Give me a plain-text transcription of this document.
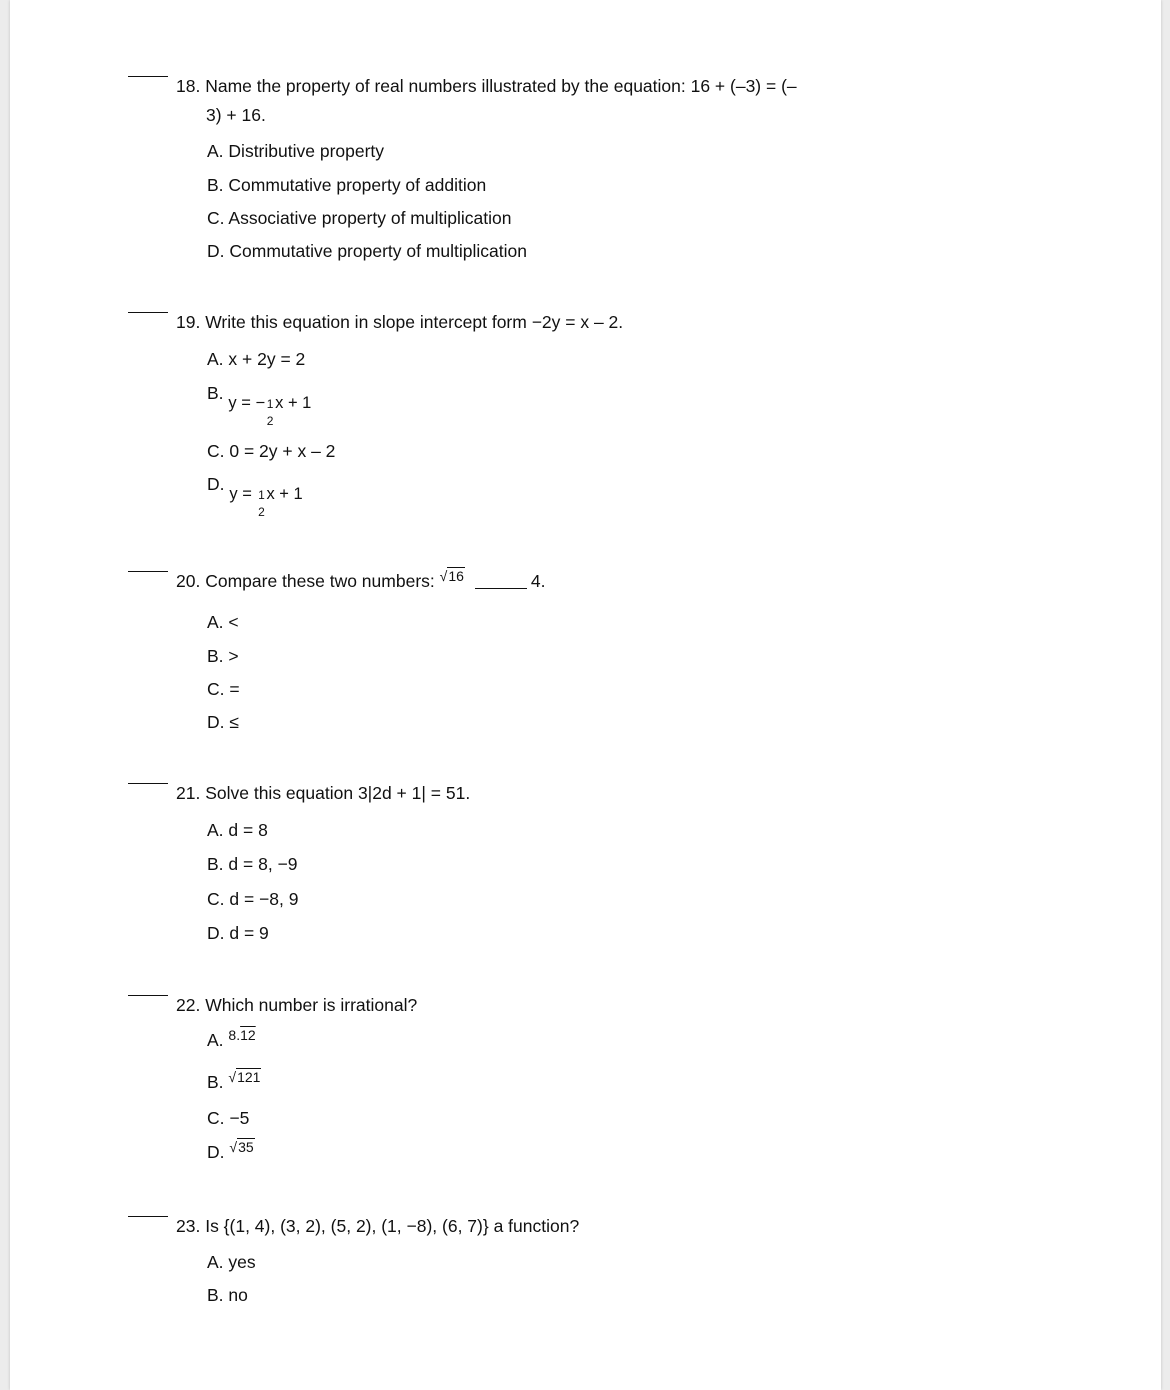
18. Name the property of real numbers illustrated by the equation: 16 + (–3) = (–
3) + 16.
A. Distributive property
B. Commutative property of addition
C. Associative property of multiplication
D. Commutative property of multiplication
19. Write this equation in slope intercept form −2y = x – 2.
A. x + 2y = 2
B. y = − 1
2
x + 1
C. 0 = 2y + x – 2
D. y = 1
2
x + 1
20. Compare these two numbers: √16	4.
A. <
B. >
C. =
D. ≤
21. Solve this equation 3|2d + 1| = 51.
A. d = 8
B. d = 8, −9
C. d = −8, 9
D. d = 9
22. Which number is irrational?
A. 8.12
B. √121
C. −5
D. √35
23. Is {(1, 4), (3, 2), (5, 2), (1, −8), (6, 7)} a function?
A. yes
B. no
